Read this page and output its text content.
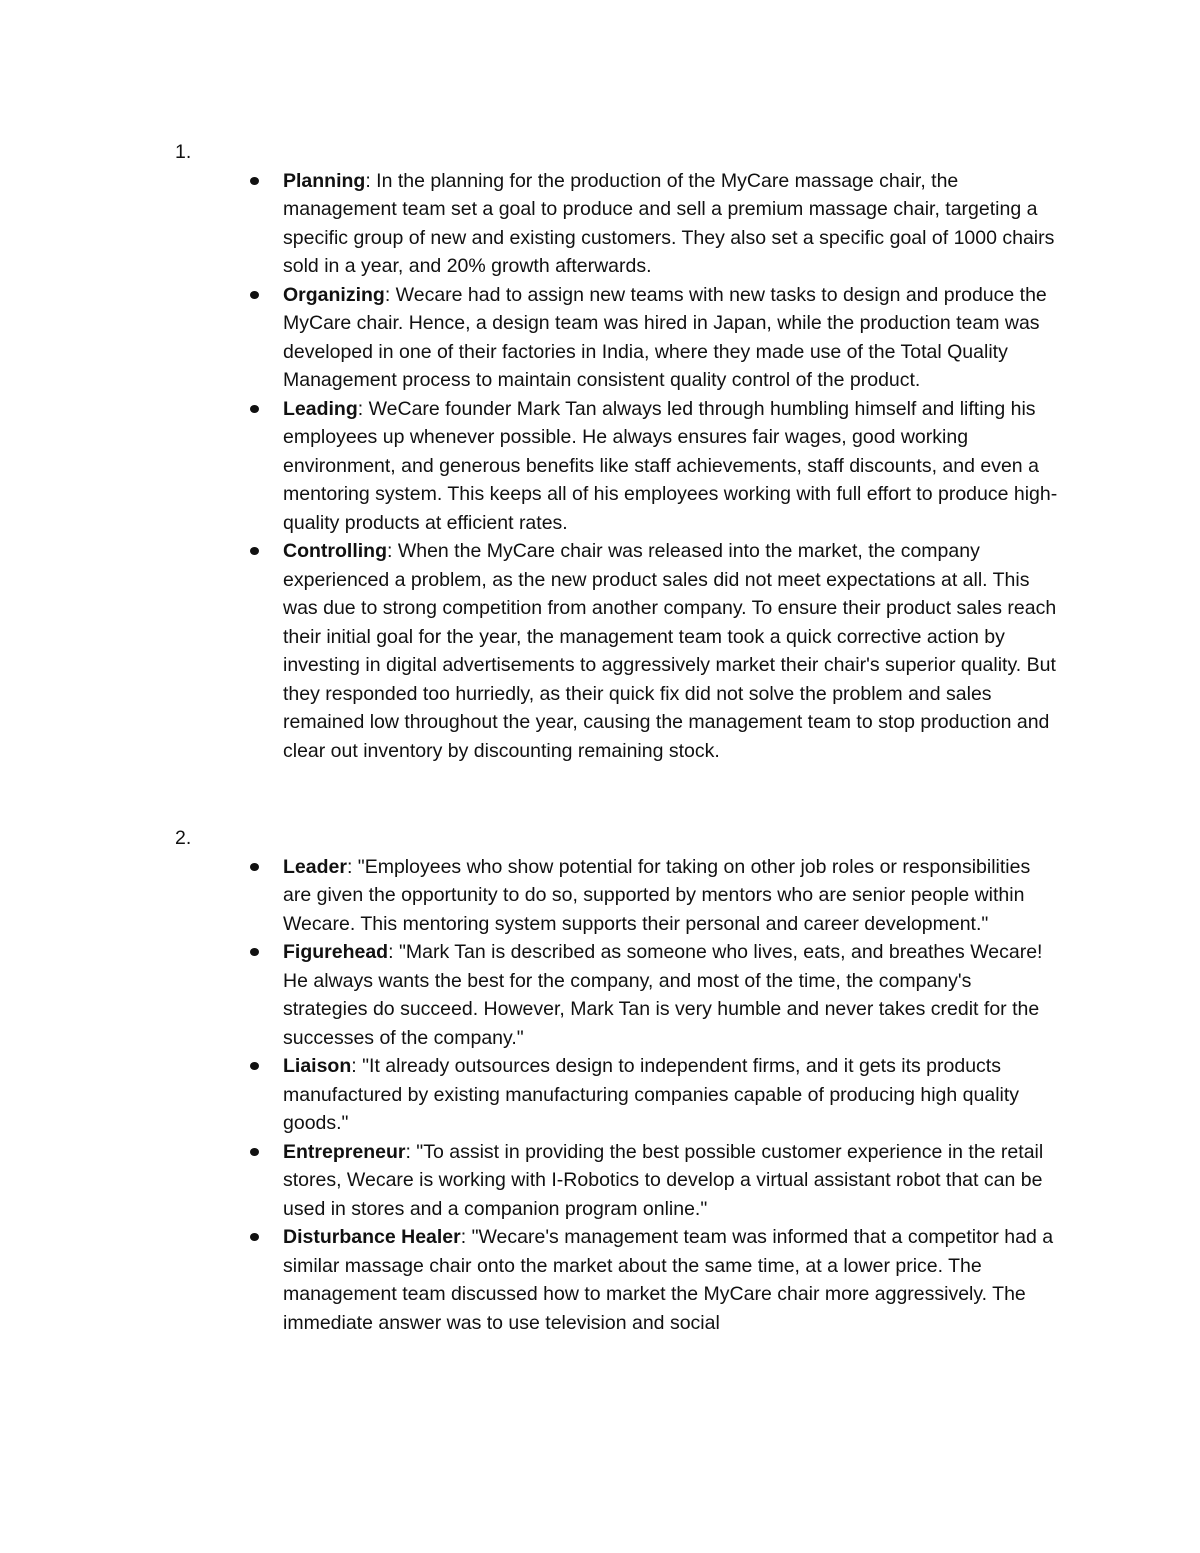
1.
Planning: In the planning for the production of the MyCare massage chair, the management team set a goal to produce and sell a premium massage chair, targeting a specific group of new and existing customers. They also set a specific goal of 1000 chairs sold in a year, and 20% growth afterwards.
Organizing: Wecare had to assign new teams with new tasks to design and produce the MyCare chair. Hence, a design team was hired in Japan, while the production team was developed in one of their factories in India, where they made use of the Total Quality Management process to maintain consistent quality control of the product.
Leading: WeCare founder Mark Tan always led through humbling himself and lifting his employees up whenever possible. He always ensures fair wages, good working environment, and generous benefits like staff achievements, staff discounts, and even a mentoring system. This keeps all of his employees working with full effort to produce high-quality products at efficient rates.
Controlling: When the MyCare chair was released into the market, the company experienced a problem, as the new product sales did not meet expectations at all. This was due to strong competition from another company. To ensure their product sales reach their initial goal for the year, the management team took a quick corrective action by investing in digital advertisements to aggressively market their chair's superior quality. But they responded too hurriedly, as their quick fix did not solve the problem and sales remained low throughout the year, causing the management team to stop production and clear out inventory by discounting remaining stock.
2.
Leader: "Employees who show potential for taking on other job roles or responsibilities are given the opportunity to do so, supported by mentors who are senior people within Wecare. This mentoring system supports their personal and career development."
Figurehead: "Mark Tan is described as someone who lives, eats, and breathes Wecare! He always wants the best for the company, and most of the time, the company's strategies do succeed. However, Mark Tan is very humble and never takes credit for the successes of the company."
Liaison: "It already outsources design to independent firms, and it gets its products manufactured by existing manufacturing companies capable of producing high quality goods."
Entrepreneur: "To assist in providing the best possible customer experience in the retail stores, Wecare is working with I-Robotics to develop a virtual assistant robot that can be used in stores and a companion program online."
Disturbance Healer: "Wecare's management team was informed that a competitor had a similar massage chair onto the market about the same time, at a lower price. The management team discussed how to market the MyCare chair more aggressively. The immediate answer was to use television and social
